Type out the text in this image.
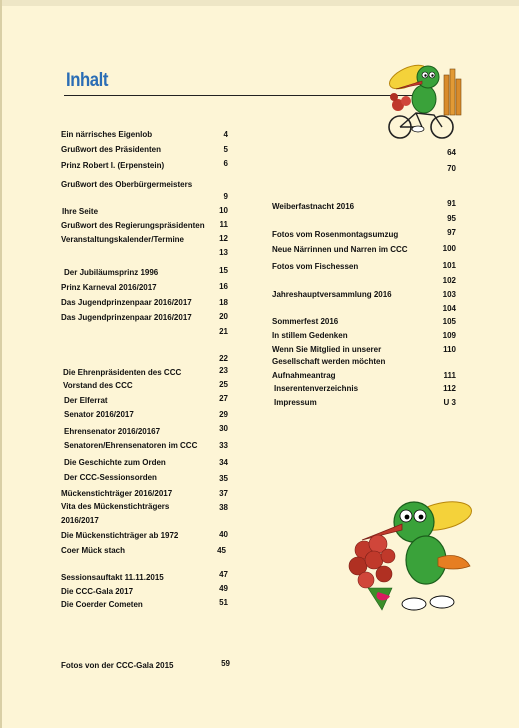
Inhalt
Ein närrisches Eigenlob	4
Grußwort des Präsidenten	5
Prinz Robert I. (Erpenstein)	6
Grußwort des Oberbürgermeisters
9
Ihre Seite	10
Grußwort des Regierungspräsidenten	11
Veranstaltungskalender/Termine	12
13
Der Jubiläumsprinz 1996	15
Prinz Karneval 2016/2017	16
Das Jugendprinzenpaar 2016/2017	18
Das Jugendprinzenpaar 2016/2017	20
21
22
Die Ehrenpräsidenten des CCC	23
Vorstand des CCC	25
Der Elferrat	27
Senator 2016/2017	29
Ehrensenator 2016/20167	30
Senatoren/Ehrensenatoren im CCC	33
Die Geschichte zum Orden	34
Der CCC-Sessionsorden	35
Mückenstichträger 2016/2017	37
Vita des Mückenstichträgers	38
2016/2017
Die Mückenstichträger ab 1972	40
Coer Mück stach	45
Sessionsauftakt 11.11.2015	47
Die CCC-Gala 2017	49
Die Coerder Cometen	51
Fotos von der CCC-Gala 2015	59
64
70
Weiberfastnacht 2016	91
95
Fotos vom Rosenmontagsumzug	97
Neue Närrinnen und Narren im CCC	100
Fotos vom Fischessen	101
102
Jahreshauptversammlung 2016	103
104
Sommerfest 2016	105
In stillem Gedenken	109
Wenn Sie Mitglied in unserer	110
Gesellschaft werden möchten
Aufnahmeantrag	111
Inserentenverzeichnis	112
Impressum	U 3
